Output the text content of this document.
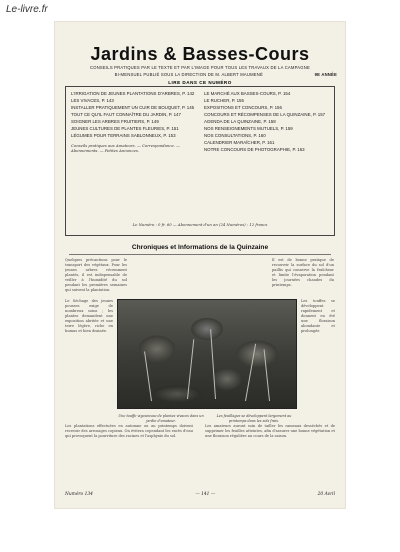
Le-livre.fr
Jardins & Basses-Cours
CONSEILS PRATIQUES PAR LE TEXTE ET PAR L'IMAGE POUR TOUS LES TRAVAUX DE LA CAMPAGNE
BI-MENSUEL PUBLIÉ SOUS LA DIRECTION DE M. ALBERT MAUMENÉ	9E ANNÉE
LIRE DANS CE NUMÉRO
L'IRRIGATION DE JEUNES PLANTATIONS D'ARBRES, P. 142
LES VIVACES, P. 143
INSTALLER PRATIQUEMENT UN CUIR DE BOUQUET, P. 145
TOUT CE QU'IL FAUT CONNAÎTRE DU JARDIN, P. 147
SOIGNER LES ARBRES FRUITIERS, P. 149
JEUNES CULTURES DE PLANTES FLEURIES, P. 151
LÉGUMES POUR TERRAINS SABLONNEUX, P. 153
Conseils pratiques aux Amateurs. — Correspondance. — Abonnements. — Petites Annonces.
LE MARCHÉ AUX BASSES-COURS, P. 154
LE RUCHER, P. 155
EXPOSITIONS ET CONCOURS, P. 156
CONCOURS ET RÉCOMPENSES DE LA QUINZAINE, P. 157
AGENDA DE LA QUINZAINE, P. 158
NOS RENSEIGNEMENTS MUTUELS, P. 159
NOS CONSULTATIONS, P. 160
CALENDRIER MARAÎCHER, P. 161
NOTRE CONCOURS DE PHOTOGRAPHIE, P. 163
Le Numéro : 0 fr. 60 — Abonnement d'un an (24 Numéros) : 12 francs
Chroniques et Informations de la Quinzaine
Quelques précautions pour le transport des végétaux. Pour les jeunes arbres récemment plantés, il est indispensable de veiller à l'humidité du sol pendant les premières semaines qui suivent la plantation.
Il est de bonne pratique de recouvrir la surface du sol d'un paillis qui conserve la fraîcheur et limite l'évaporation pendant les journées chaudes du printemps.
Le Séchage des jeunes pousses exige de nombreux soins ; les plantes demandent une exposition abritée et une terre légère, riche en humus et bien drainée.
Les touffes se développent rapidement et donnent en été une floraison abondante et prolongée.
Une touffe vigoureuse de plantes vivaces dans un jardin d'amateur.
Les feuillages se développent largement au printemps dans les sols frais.
Les plantations effectuées en automne ou au printemps doivent recevoir des arrosages copieux. On évitera cependant les excès d'eau qui provoquent la pourriture des racines et l'asphyxie du sol.
Les amateurs auront soin de tailler les rameaux desséchés et de supprimer les feuilles atteintes, afin d'assurer une bonne végétation et une floraison régulière au cours de la saison.
Numéro 134	— 141 —	20 Avril
